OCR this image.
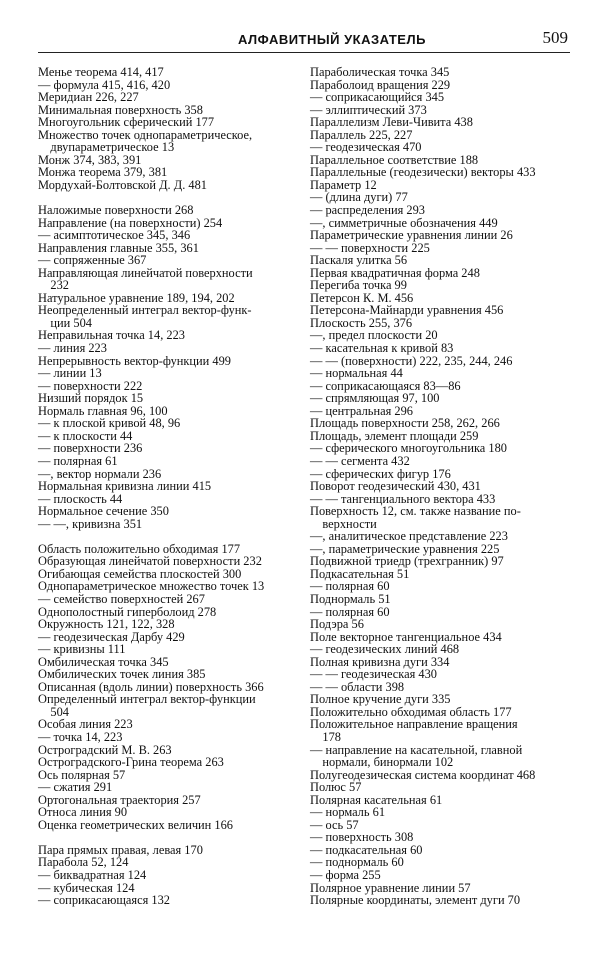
АЛФАВИТНЫЙ УКАЗАТЕЛЬ	509
Менье теорема 414, 417
— формула 415, 416, 420
Меридиан 226, 227
Минимальная поверхность 358
Многоугольник сферический 177
Множество точек однопараметрическое,
 двупараметрическое 13
Монж 374, 383, 391
Монжа теорема 379, 381
Мордухай-Болтовской Д. Д. 481
Наложимые поверхности 268
Направление (на поверхности) 254
— асимптотическое 345, 346
Направления главные 355, 361
— сопряженные 367
Направляющая линейчатой поверхности
 232
Натуральное уравнение 189, 194, 202
Неопределенный интеграл вектор-функ-
 ции 504
Неправильная точка 14, 223
— линия 223
Непрерывность вектор-функции 499
— линии 13
— поверхности 222
Низший порядок 15
Нормаль главная 96, 100
— к плоской кривой 48, 96
— к плоскости 44
— поверхности 236
— полярная 61
—, вектор нормали 236
Нормальная кривизна линии 415
— плоскость 44
Нормальное сечение 350
— —, кривизна 351
Область положительно обходимая 177
Образующая линейчатой поверхности 232
Огибающая семейства плоскостей 300
Однопараметрическое множество точек 13
— семейство поверхностей 267
Однополостный гиперболоид 278
Окружность 121, 122, 328
— геодезическая Дарбу 429
— кривизны 111
Омбилическая точка 345
Омбилических точек линия 385
Описанная (вдоль линии) поверхность 366
Определенный интеграл вектор-функции
 504
Особая линия 223
— точка 14, 223
Остроградский М. В. 263
Остроградского-Грина теорема 263
Ось полярная 57
— сжатия 291
Ортогональная траектория 257
Относа линия 90
Оценка геометрических величин 166
Пара прямых правая, левая 170
Парабола 52, 124
— биквадратная 124
— кубическая 124
— соприкасающаяся 132
Параболическая точка 345
Параболоид вращения 229
— соприкасающийся 345
— эллиптический 373
Параллелизм Леви-Чивита 438
Параллель 225, 227
— геодезическая 470
Параллельное соответствие 188
Параллельные (геодезически) векторы 433
Параметр 12
— (длина дуги) 77
— распределения 293
—, симметричные обозначения 449
Параметрические уравнения линии 26
— — поверхности 225
Паскаля улитка 56
Первая квадратичная форма 248
Перегиба точка 99
Петерсон К. М. 456
Петерсона-Майнарди уравнения 456
Плоскость 255, 376
—, предел плоскости 20
— касательная к кривой 83
— — (поверхности) 222, 235, 244, 246
— нормальная 44
— соприкасающаяся 83—86
— спрямляющая 97, 100
— центральная 296
Площадь поверхности 258, 262, 266
Площадь, элемент площади 259
— сферического многоугольника 180
— — сегмента 432
— сферических фигур 176
Поворот геодезический 430, 431
— — тангенциального вектора 433
Поверхность 12, см. также название по-
 верхности
—, аналитическое представление 223
—, параметрические уравнения 225
Подвижной триедр (трехгранник) 97
Подкасательная 51
— полярная 60
Поднормаль 51
— полярная 60
Подэра 56
Поле векторное тангенциальное 434
— геодезических линий 468
Полная кривизна дуги 334
— — геодезическая 430
— — области 398
Полное кручение дуги 335
Положительно обходимая область 177
Положительное направление вращения
 178
— направление на касательной, главной
 нормали, бинормали 102
Полугеодезическая система координат 468
Полюс 57
Полярная касательная 61
— нормаль 61
— ось 57
— поверхность 308
— подкасательная 60
— поднормаль 60
— форма 255
Полярное уравнение линии 57
Полярные координаты, элемент дуги 70
